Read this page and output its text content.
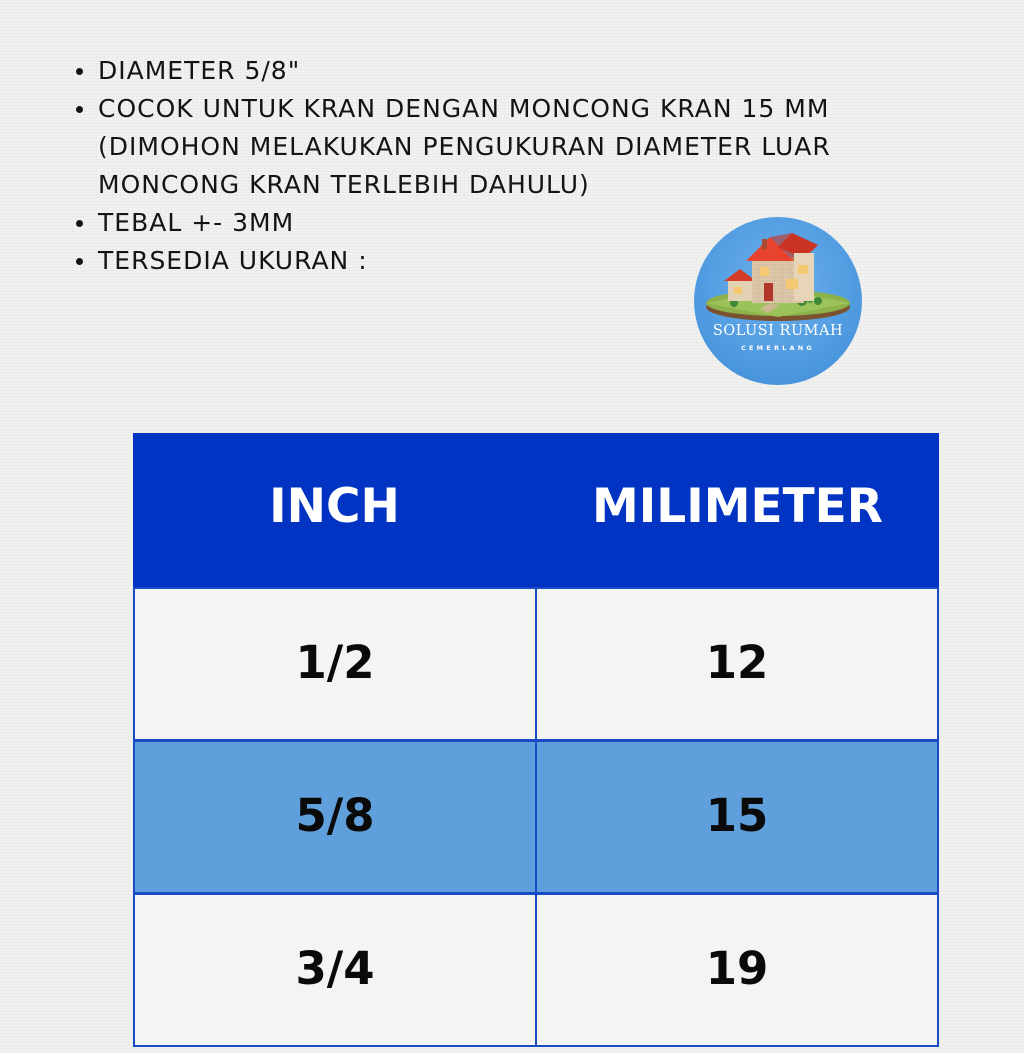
DIAMETER 5/8"
COCOK UNTUK KRAN DENGAN MONCONG KRAN 15 MM
(DIMOHON MELAKUKAN PENGUKURAN DIAMETER LUAR
MONCONG KRAN TERLEBIH DAHULU)
TEBAL +- 3MM
TERSEDIA UKURAN :
SOLUSI RUMAH
CEMERLANG
INCH	MILIMETER
1/2	12
5/8	15
3/4	19
